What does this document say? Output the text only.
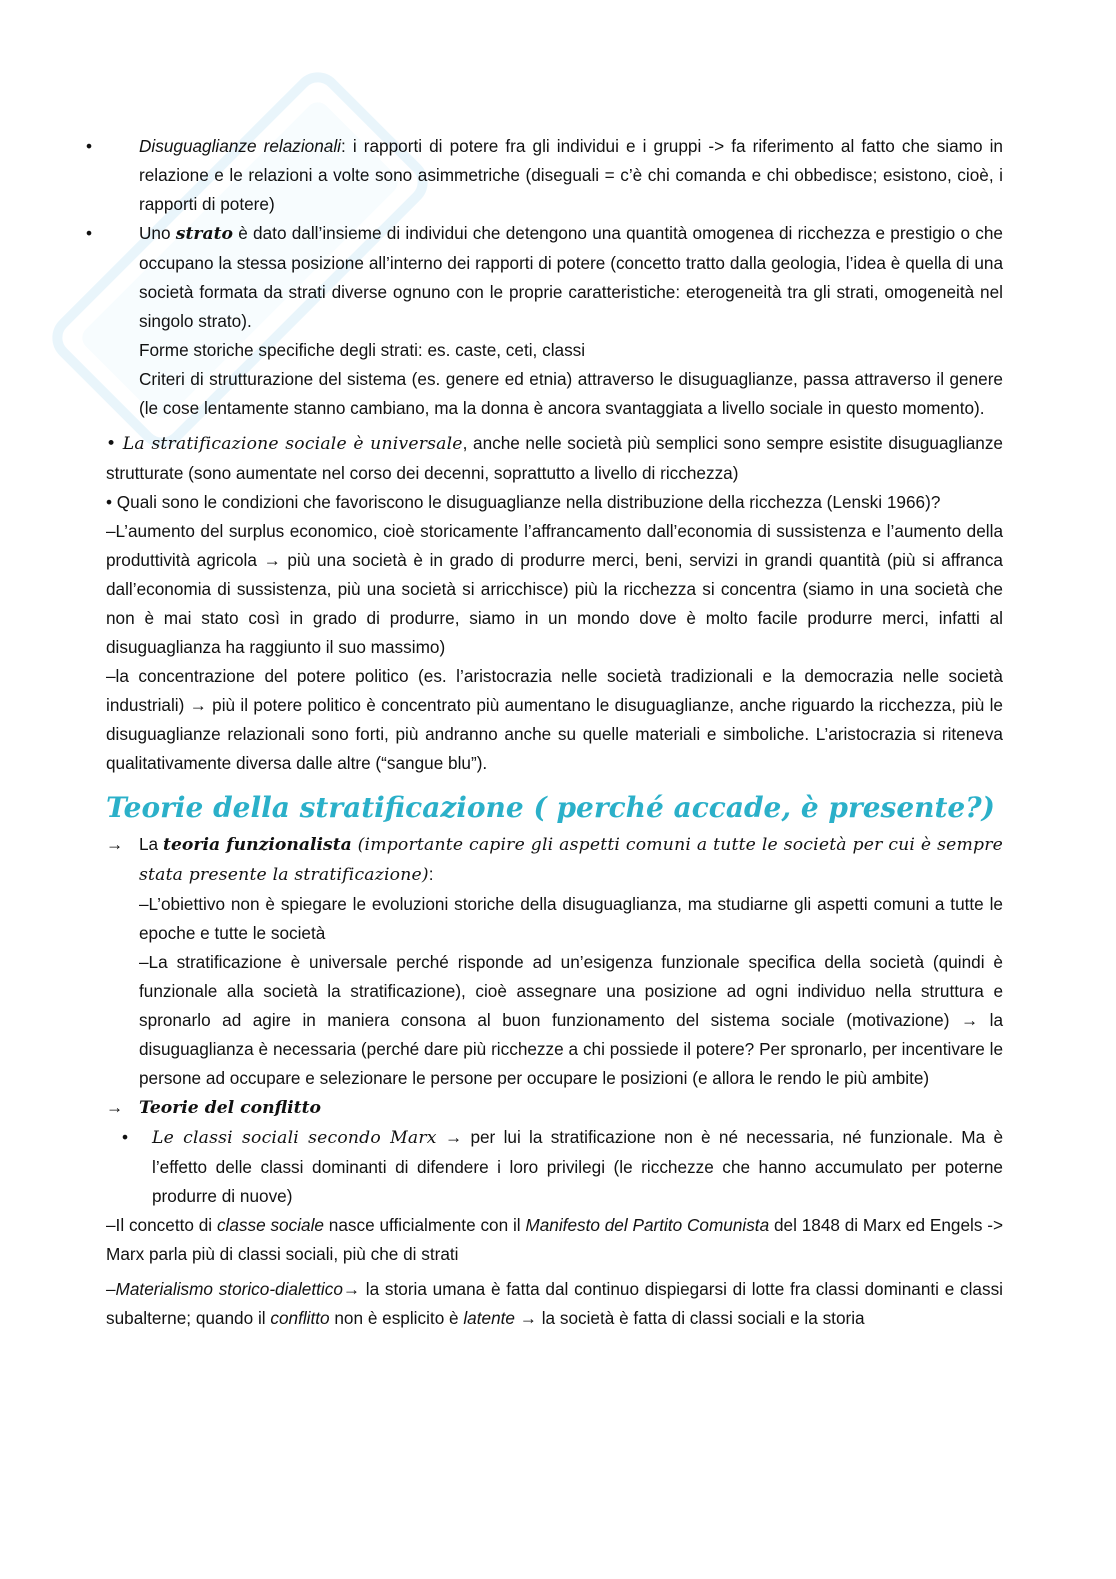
•	Disuguaglianze relazionali: i rapporti di potere fra gli individui e i gruppi -> fa riferimento al fatto che siamo in relazione e le relazioni a volte sono asimmetriche (diseguali = c’è chi comanda e chi obbedisce; esistono, cioè, i rapporti di potere)

•	Uno strato è dato dall’insieme di individui che detengono una quantità omogenea di ricchezza e prestigio o che occupano la stessa posizione all’interno dei rapporti di potere (concetto tratto dalla geologia, l’idea è quella di una società formata da strati diverse ognuno con le proprie caratteristiche: eterogeneità tra gli strati, omogeneità nel singolo strato).
Forme storiche specifiche degli strati: es. caste, ceti, classi
Criteri di strutturazione del sistema (es. genere ed etnia) attraverso le disuguaglianze, passa attraverso il genere (le cose lentamente stanno cambiano, ma la donna è ancora svantaggiata a livello sociale in questo momento).

• La stratificazione sociale è universale, anche nelle società più semplici sono sempre esistite disuguaglianze strutturate (sono aumentate nel corso dei decenni, soprattutto a livello di ricchezza)

• Quali sono le condizioni che favoriscono le disuguaglianze nella distribuzione della ricchezza (Lenski 1966)?

–L’aumento del surplus economico, cioè storicamente l’affrancamento dall’economia di sussistenza e l’aumento della produttività agricola → più una società è in grado di produrre merci, beni, servizi in grandi quantità (più si affranca dall’economia di sussistenza, più una società si arricchisce) più la ricchezza si concentra (siamo in una società che non è mai stato così in grado di produrre, siamo in un mondo dove è molto facile produrre merci, infatti al disuguaglianza ha raggiunto il suo massimo)

–la concentrazione del potere politico (es. l’aristocrazia nelle società tradizionali e la democrazia nelle società industriali) → più il potere politico è concentrato più aumentano le disuguaglianze, anche riguardo la ricchezza, più le disuguaglianze relazionali sono forti, più andranno anche su quelle materiali e simboliche. L’aristocrazia si riteneva qualitativamente diversa dalle altre (“sangue blu”).

Teorie della stratificazione ( perché accade, è presente?)

→ La teoria funzionalista (importante capire gli aspetti comuni a tutte le società per cui è sempre stata presente la stratificazione):
–L’obiettivo non è spiegare le evoluzioni storiche della disuguaglianza, ma studiarne gli aspetti comuni a tutte le epoche e tutte le società
–La stratificazione è universale perché risponde ad un’esigenza funzionale specifica della società (quindi è funzionale alla società la stratificazione), cioè assegnare una posizione ad ogni individuo nella struttura e spronarlo ad agire in maniera consona al buon funzionamento del sistema sociale (motivazione) → la disuguaglianza è necessaria (perché dare più ricchezze a chi possiede il potere? Per spronarlo, per incentivare le persone ad occupare e selezionare le persone per occupare le posizioni (e allora le rendo le più ambite)

→ Teorie del conflitto

• Le classi sociali secondo Marx → per lui la stratificazione non è né necessaria, né funzionale. Ma è l’effetto delle classi dominanti di difendere i loro privilegi (le ricchezze che hanno accumulato per poterne produrre di nuove)

–Il concetto di classe sociale nasce ufficialmente con il Manifesto del Partito Comunista del 1848 di Marx ed Engels -> Marx parla più di classi sociali, più che di strati

–Materialismo storico-dialettico→ la storia umana è fatta dal continuo dispiegarsi di lotte fra classi dominanti e classi subalterne; quando il conflitto non è esplicito è latente → la società è fatta di classi sociali e la storia
